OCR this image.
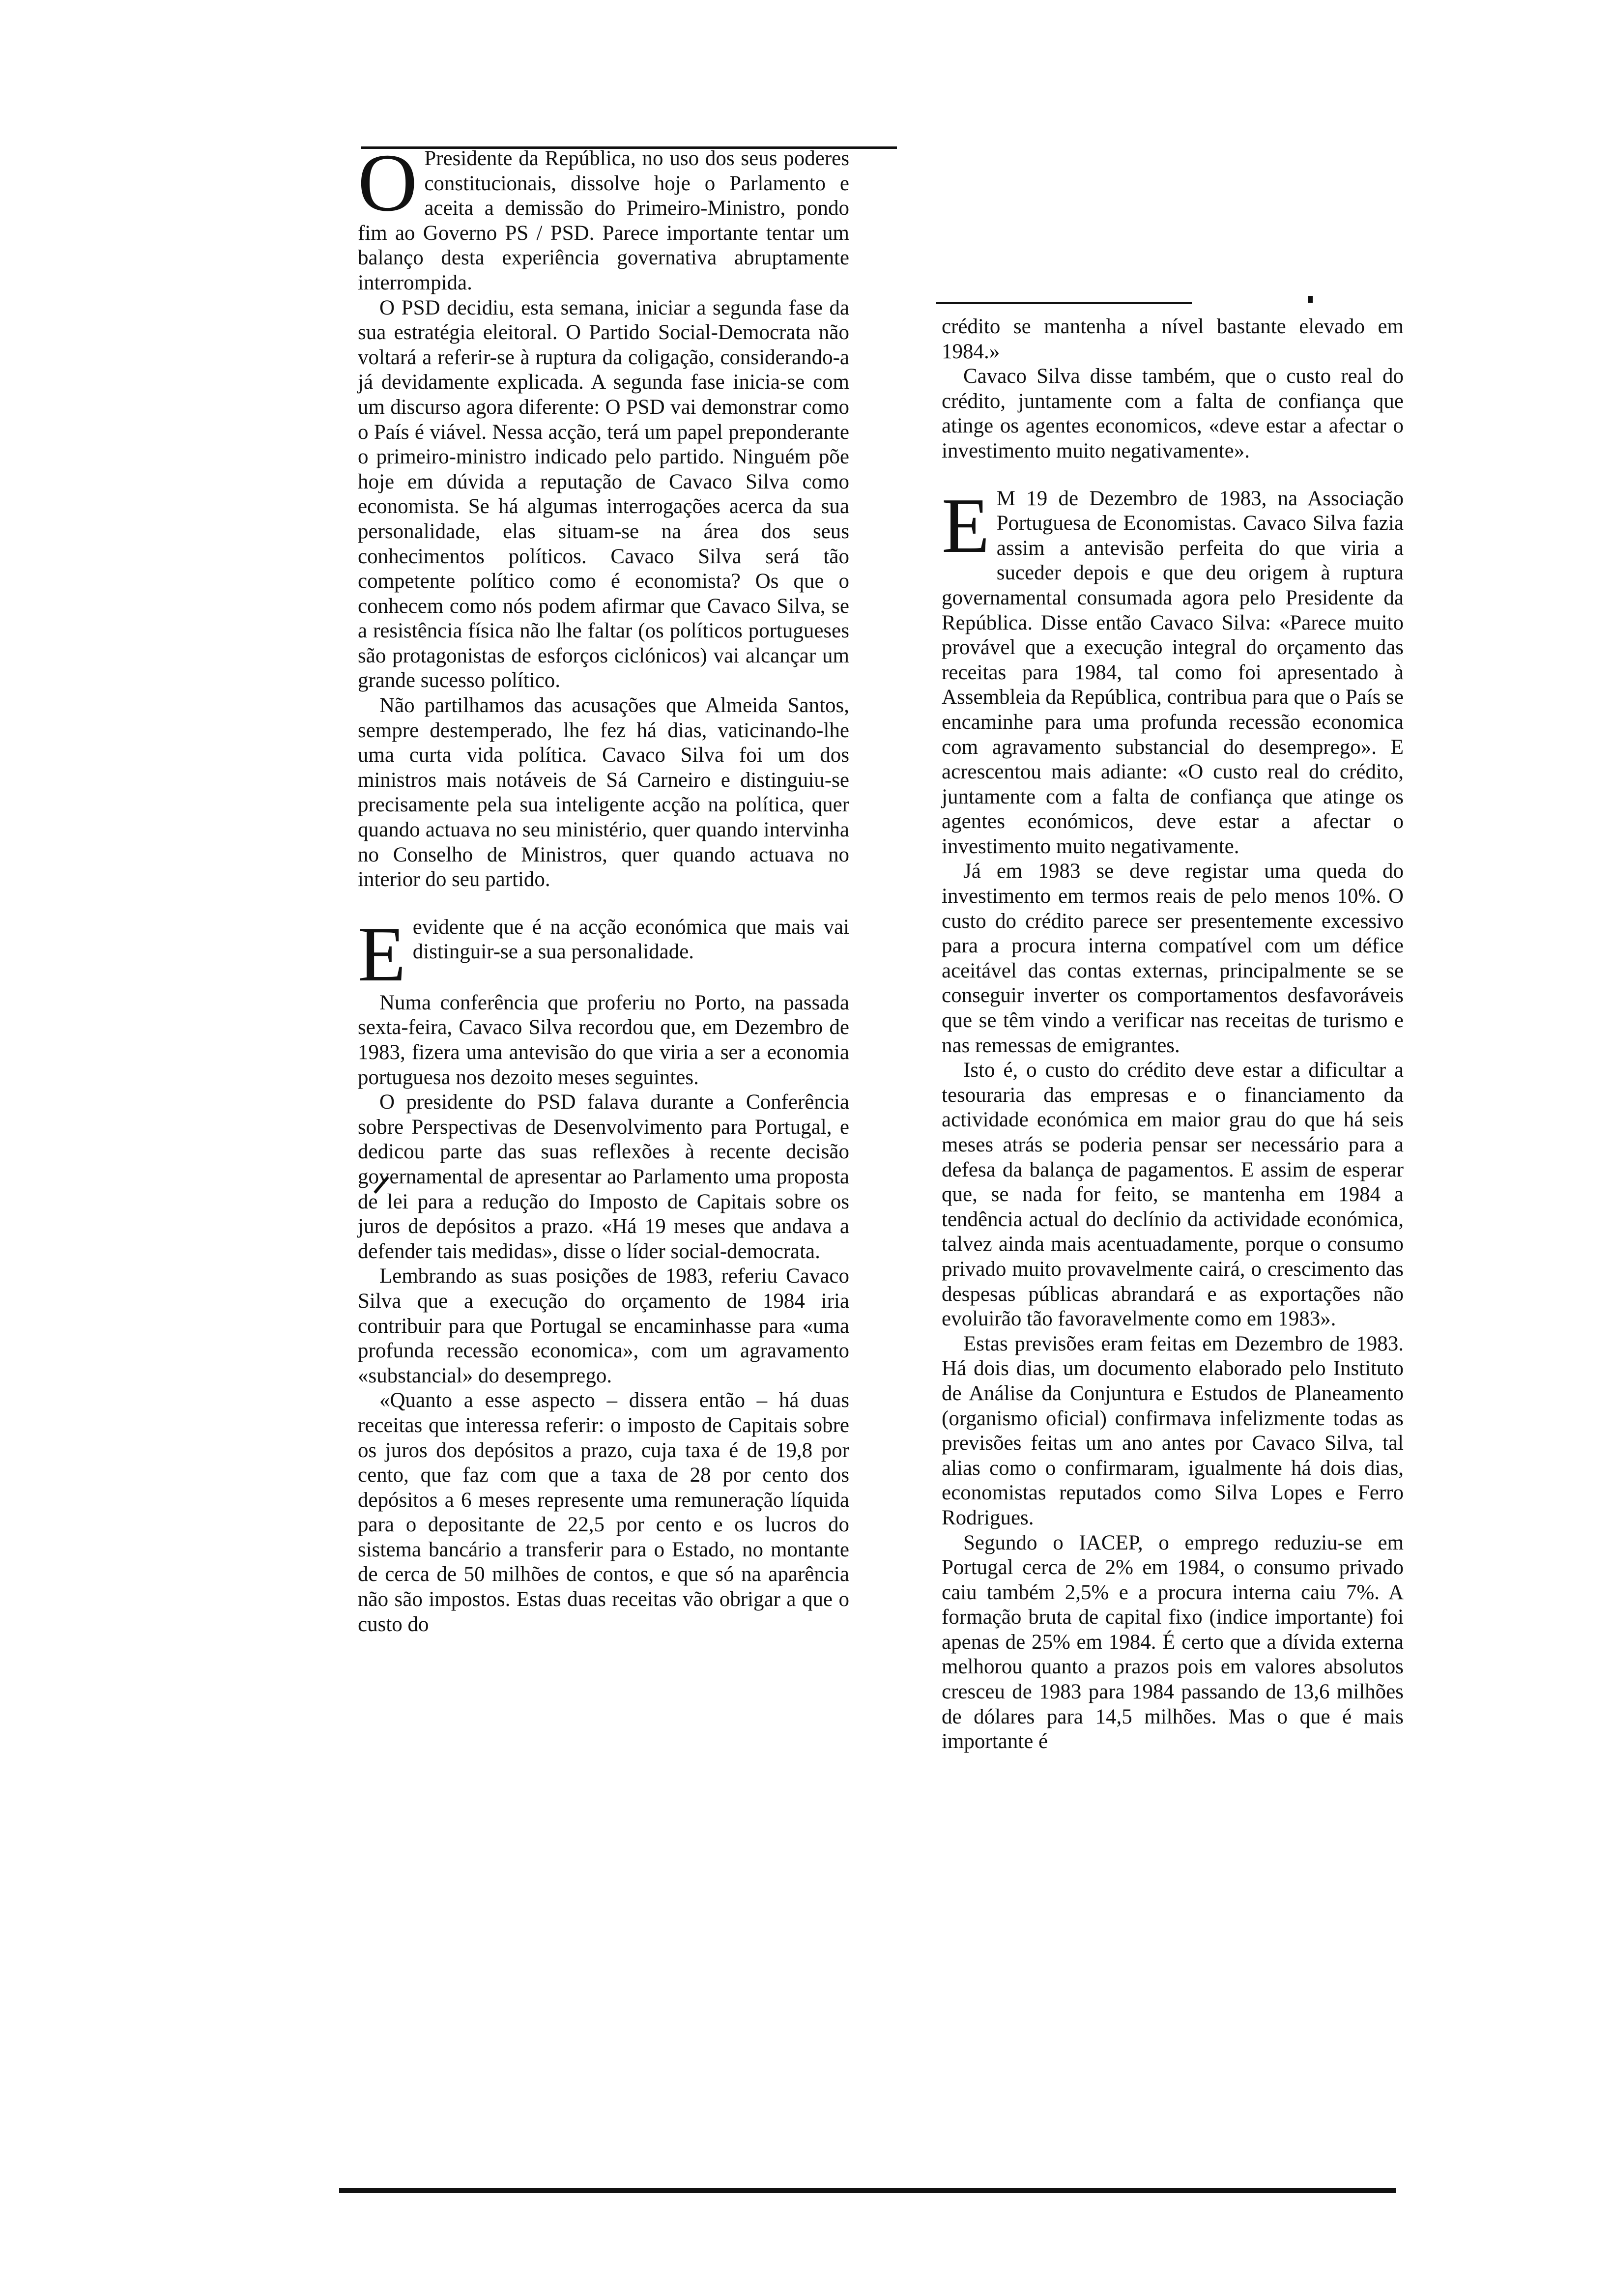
O Presidente da República, no uso dos seus poderes constitucionais, dissolve hoje o Parlamento e aceita a demissão do Primeiro-Ministro, pondo fim ao Governo PS / PSD. Parece importante tentar um balanço desta experiência governativa abruptamente interrompida.

O PSD decidiu, esta semana, iniciar a segunda fase da sua estratégia eleitoral. O Partido Social-Democrata não voltará a referir-se à ruptura da coligação, considerando-a já devidamente explicada. A segunda fase inicia-se com um discurso agora diferente: O PSD vai demonstrar como o País é viável. Nessa acção, terá um papel preponderante o primeiro-ministro indicado pelo partido. Ninguém põe hoje em dúvida a reputação de Cavaco Silva como economista. Se há algumas interrogações acerca da sua personalidade, elas situam-se na área dos seus conhecimentos políticos. Cavaco Silva será tão competente político como é economista? Os que o conhecem como nós podem afirmar que Cavaco Silva, se a resistência física não lhe faltar (os políticos portugueses são protagonistas de esforços ciclónicos) vai alcançar um grande sucesso político.

Não partilhamos das acusações que Almeida Santos, sempre destemperado, lhe fez há dias, vaticinando-lhe uma curta vida política. Cavaco Silva foi um dos ministros mais notáveis de Sá Carneiro e distinguiu-se precisamente pela sua inteligente acção na política, quer quando actuava no seu ministério, quer quando intervinha no Conselho de Ministros, quer quando actuava no interior do seu partido.

E evidente que é na acção económica que mais vai distinguir-se a sua personalidade.

Numa conferência que proferiu no Porto, na passada sexta-feira, Cavaco Silva recordou que, em Dezembro de 1983, fizera uma antevisão do que viria a ser a economia portuguesa nos dezoito meses seguintes.

O presidente do PSD falava durante a Conferência sobre Perspectivas de Desenvolvimento para Portugal, e dedicou parte das suas reflexões à recente decisão governamental de apresentar ao Parlamento uma proposta de lei para a redução do Imposto de Capitais sobre os juros de depósitos a prazo. «Há 19 meses que andava a defender tais medidas», disse o líder social-democrata.

Lembrando as suas posições de 1983, referiu Cavaco Silva que a execução do orçamento de 1984 iria contribuir para que Portugal se encaminhasse para «uma profunda recessão economica», com um agravamento «substancial» do desemprego.

«Quanto a esse aspecto – dissera então – há duas receitas que interessa referir: o imposto de Capitais sobre os juros dos depósitos a prazo, cuja taxa é de 19,8 por cento, que faz com que a taxa de 28 por cento dos depósitos a 6 meses represente uma remuneração líquida para o depositante de 22,5 por cento e os lucros do sistema bancário a transferir para o Estado, no montante de cerca de 50 milhões de contos, e que só na aparência não são impostos. Estas duas receitas vão obrigar a que o custo do

crédito se mantenha a nível bastante elevado em 1984.»

Cavaco Silva disse também, que o custo real do crédito, juntamente com a falta de confiança que atinge os agentes economicos, «deve estar a afectar o investimento muito negativamente».

E M 19 de Dezembro de 1983, na Associação Portuguesa de Economistas. Cavaco Silva fazia assim a antevisão perfeita do que viria a suceder depois e que deu origem à ruptura governamental consumada agora pelo Presidente da República. Disse então Cavaco Silva: «Parece muito provável que a execução integral do orçamento das receitas para 1984, tal como foi apresentado à Assembleia da República, contribua para que o País se encaminhe para uma profunda recessão economica com agravamento substancial do desemprego». E acrescentou mais adiante: «O custo real do crédito, juntamente com a falta de confiança que atinge os agentes económicos, deve estar a afectar o investimento muito negativamente.

Já em 1983 se deve registar uma queda do investimento em termos reais de pelo menos 10%. O custo do crédito parece ser presentemente excessivo para a procura interna compatível com um défice aceitável das contas externas, principalmente se se conseguir inverter os comportamentos desfavoráveis que se têm vindo a verificar nas receitas de turismo e nas remessas de emigrantes.

Isto é, o custo do crédito deve estar a dificultar a tesouraria das empresas e o financiamento da actividade económica em maior grau do que há seis meses atrás se poderia pensar ser necessário para a defesa da balança de pagamentos. E assim de esperar que, se nada for feito, se mantenha em 1984 a tendência actual do declínio da actividade económica, talvez ainda mais acentuadamente, porque o consumo privado muito provavelmente cairá, o crescimento das despesas públicas abrandará e as exportações não evoluirão tão favoravelmente como em 1983».

Estas previsões eram feitas em Dezembro de 1983. Há dois dias, um documento elaborado pelo Instituto de Análise da Conjuntura e Estudos de Planeamento (organismo oficial) confirmava infelizmente todas as previsões feitas um ano antes por Cavaco Silva, tal alias como o confirmaram, igualmente há dois dias, economistas reputados como Silva Lopes e Ferro Rodrigues.

Segundo o IACEP, o emprego reduziu-se em Portugal cerca de 2% em 1984, o consumo privado caiu também 2,5% e a procura interna caiu 7%. A formação bruta de capital fixo (indice importante) foi apenas de 25% em 1984. É certo que a dívida externa melhorou quanto a prazos pois em valores absolutos cresceu de 1983 para 1984 passando de 13,6 milhões de dólares para 14,5 milhões. Mas o que é mais importante é
